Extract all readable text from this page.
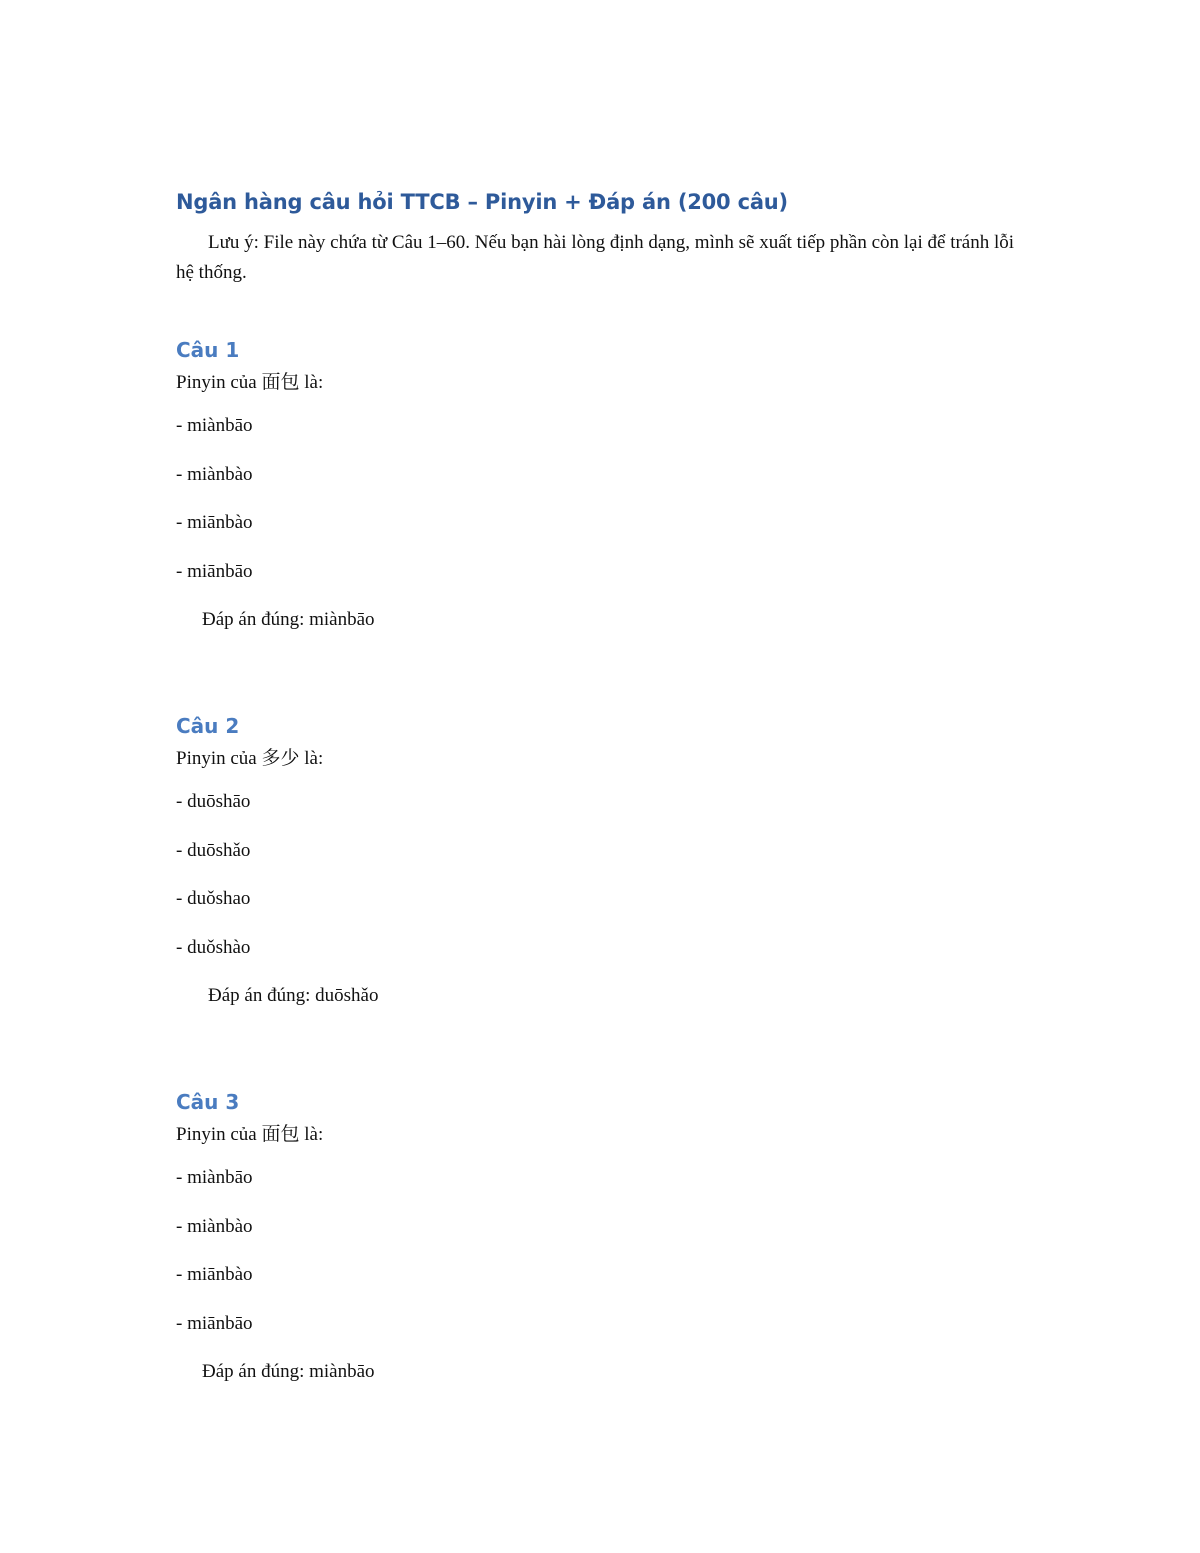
Ngân hàng câu hỏi TTCB – Pinyin + Đáp án (200 câu)

Lưu ý: File này chứa từ Câu 1–60. Nếu bạn hài lòng định dạng, mình sẽ xuất tiếp phần còn lại để tránh lỗi hệ thống.

Câu 1

Pinyin của 面包 là:

- miànbāo
- miànbào
- miānbào
- miānbāo

Đáp án đúng: miànbāo

Câu 2

Pinyin của 多少 là:

- duōshāo
- duōshǎo
- duǒshao
- duǒshào

Đáp án đúng: duōshǎo

Câu 3

Pinyin của 面包 là:

- miànbāo
- miànbào
- miānbào
- miānbāo

Đáp án đúng: miànbāo
